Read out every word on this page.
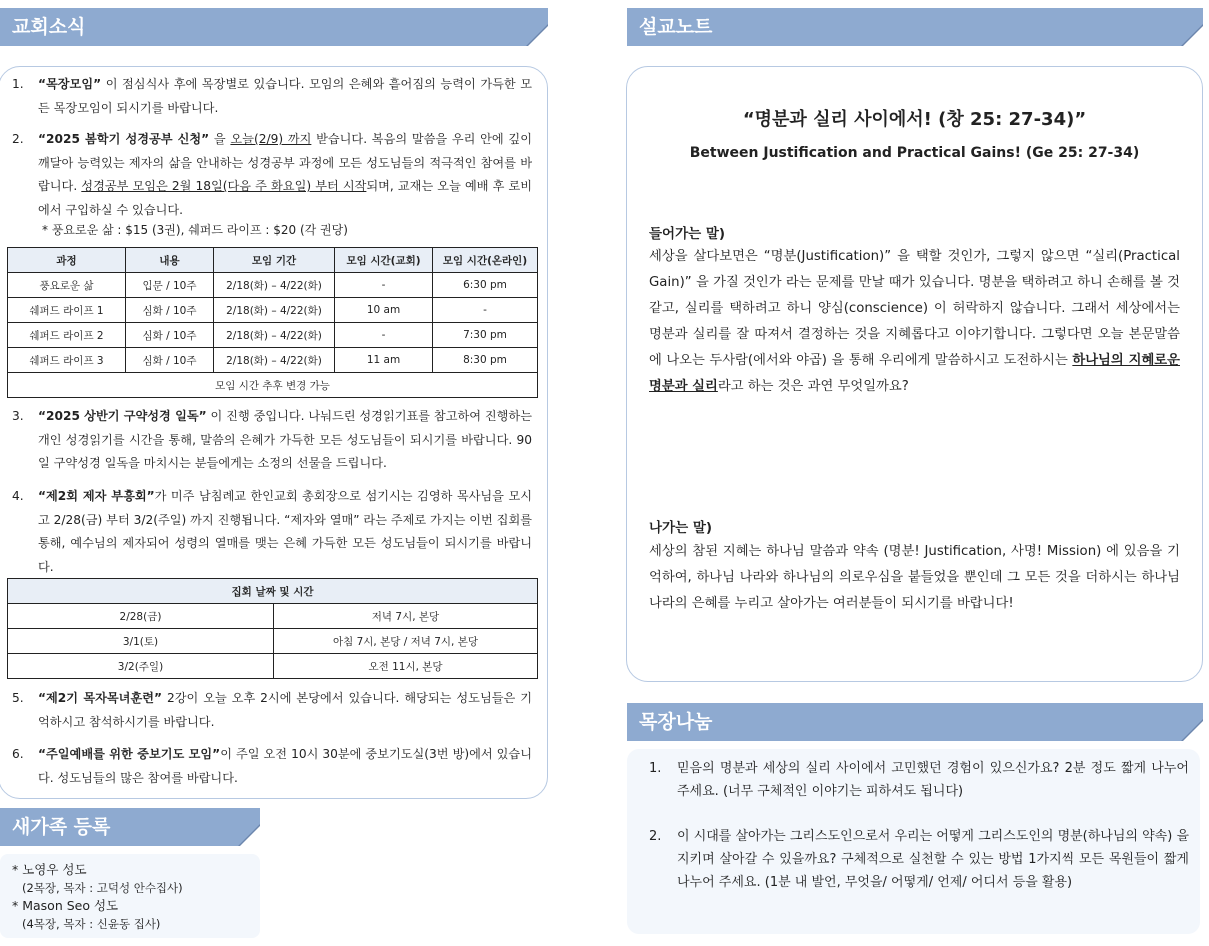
교회소식
1. “목장모임” 이 점심식사 후에 목장별로 있습니다. 모임의 은혜와 흩어짐의 능력이 가득한 모든 목장모임이 되시기를 바랍니다.
2. “2025 봄학기 성경공부 신청” 을 오늘(2/9) 까지 받습니다. 복음의 말씀을 우리 안에 깊이 깨달아 능력있는 제자의 삶을 안내하는 성경공부 과정에 모든 성도님들의 적극적인 참여를 바랍니다. 성경공부 모임은 2월 18일(다음 주 화요일) 부터 시작되며, 교재는 오늘 예배 후 로비에서 구입하실 수 있습니다.
* 풍요로운 삶 : $15 (3권), 쉐퍼드 라이프 : $20 (각 권당)
과정	내용	모임 기간	모임 시간(교회)	모임 시간(온라인)
풍요로운 삶	입문 / 10주	2/18(화) – 4/22(화)	-	6:30 pm
쉐퍼드 라이프 1	심화 / 10주	2/18(화) – 4/22(화)	10 am	-
쉐퍼드 라이프 2	심화 / 10주	2/18(화) – 4/22(화)	-	7:30 pm
쉐퍼드 라이프 3	심화 / 10주	2/18(화) – 4/22(화)	11 am	8:30 pm
모임 시간 추후 변경 가능				
3. “2025 상반기 구약성경 일독” 이 진행 중입니다. 나눠드린 성경읽기표를 참고하여 진행하는 개인 성경읽기를 시간을 통해, 말씀의 은혜가 가득한 모든 성도님들이 되시기를 바랍니다. 90일 구약성경 일독을 마치시는 분들에게는 소정의 선물을 드립니다.
4. “제2회 제자 부흥회”가 미주 남침례교 한인교회 총회장으로 섬기시는 김영하 목사님을 모시고 2/28(금) 부터 3/2(주일) 까지 진행됩니다. “제자와 열매” 라는 주제로 가지는 이번 집회를 통해, 예수님의 제자되어 성령의 열매를 맺는 은혜 가득한 모든 성도님들이 되시기를 바랍니다.
집회 날짜 및 시간	
2/28(금)	저녁 7시, 본당
3/1(토)	아침 7시, 본당 / 저녁 7시, 본당
3/2(주일)	오전 11시, 본당
5. “제2기 목자목녀훈련” 2강이 오늘 오후 2시에 본당에서 있습니다. 해당되는 성도님들은 기억하시고 참석하시기를 바랍니다.
6. “주일예배를 위한 중보기도 모임”이 주일 오전 10시 30분에 중보기도실(3번 방)에서 있습니다. 성도님들의 많은 참여를 바랍니다.
새가족 등록
* 노영우 성도
(2목장, 목자 : 고덕성 안수집사)
* Mason Seo 성도
(4목장, 목자 : 신윤동 집사)
설교노트
“명분과 실리 사이에서! (창 25: 27-34)”
Between Justification and Practical Gains! (Ge 25: 27-34)
들어가는 말)
세상을 살다보면은 “명분(Justification)” 을 택할 것인가, 그렇지 않으면 “실리(Practical Gain)” 을 가질 것인가 라는 문제를 만날 때가 있습니다. 명분을 택하려고 하니 손해를 볼 것 같고, 실리를 택하려고 하니 양심(conscience) 이 허락하지 않습니다. 그래서 세상에서는 명분과 실리를 잘 따져서 결정하는 것을 지혜롭다고 이야기합니다. 그렇다면 오늘 본문말씀에 나오는 두사람(에서와 야곱) 을 통해 우리에게 말씀하시고 도전하시는 하나님의 지혜로운 명분과 실리라고 하는 것은 과연 무엇일까요?
나가는 말)
세상의 참된 지혜는 하나님 말씀과 약속 (명분! Justification, 사명! Mission) 에 있음을 기억하여, 하나님 나라와 하나님의 의로우심을 붙들었을 뿐인데 그 모든 것을 더하시는 하나님 나라의 은혜를 누리고 살아가는 여러분들이 되시기를 바랍니다!
목장나눔
1. 믿음의 명분과 세상의 실리 사이에서 고민했던 경험이 있으신가요? 2분 정도 짧게 나누어 주세요. (너무 구체적인 이야기는 피하셔도 됩니다)
2. 이 시대를 살아가는 그리스도인으로서 우리는 어떻게 그리스도인의 명분(하나님의 약속) 을 지키며 살아갈 수 있을까요? 구체적으로 실천할 수 있는 방법 1가지씩 모든 목원들이 짧게 나누어 주세요. (1분 내 발언, 무엇을/ 어떻게/ 언제/ 어디서 등을 활용)
